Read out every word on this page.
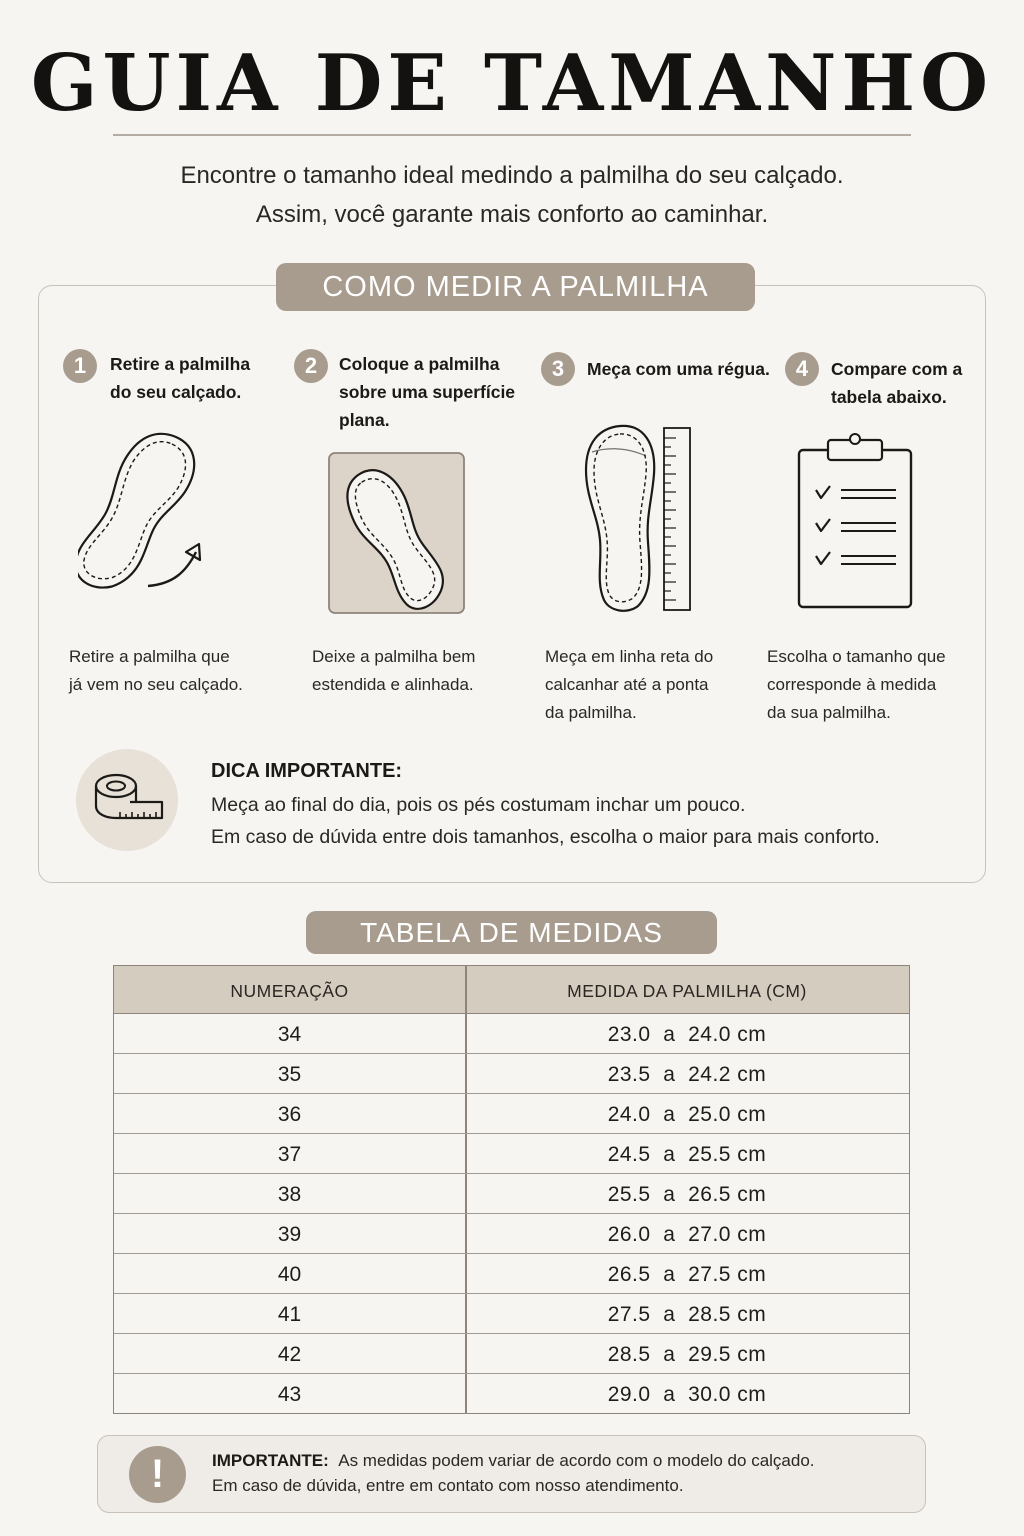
GUIA DE TAMANHO
Encontre o tamanho ideal medindo a palmilha do seu calçado.
Assim, você garante mais conforto ao caminhar.
COMO MEDIR A PALMILHA
1	Retire a palmilha
do seu calçado.
Retire a palmilha que
já vem no seu calçado.
2	Coloque a palmilha
sobre uma superfície
plana.
Deixe a palmilha bem
estendida e alinhada.
3	Meça com uma régua.
Meça em linha reta do
calcanhar até a ponta
da palmilha.
4	Compare com a
tabela abaixo.
Escolha o tamanho que
corresponde à medida
da sua palmilha.
DICA IMPORTANTE:
Meça ao final do dia, pois os pés costumam inchar um pouco.
Em caso de dúvida entre dois tamanhos, escolha o maior para mais conforto.
TABELA DE MEDIDAS
NUMERAÇÃO	MEDIDA DA PALMILHA (CM)
34	23.0  a  24.0 cm
35	23.5  a  24.2 cm
36	24.0  a  25.0 cm
37	24.5  a  25.5 cm
38	25.5  a  26.5 cm
39	26.0  a  27.0 cm
40	26.5  a  27.5 cm
41	27.5  a  28.5 cm
42	28.5  a  29.5 cm
43	29.0  a  30.0 cm
!	IMPORTANTE: As medidas podem variar de acordo com o modelo do calçado.
Em caso de dúvida, entre em contato com nosso atendimento.
